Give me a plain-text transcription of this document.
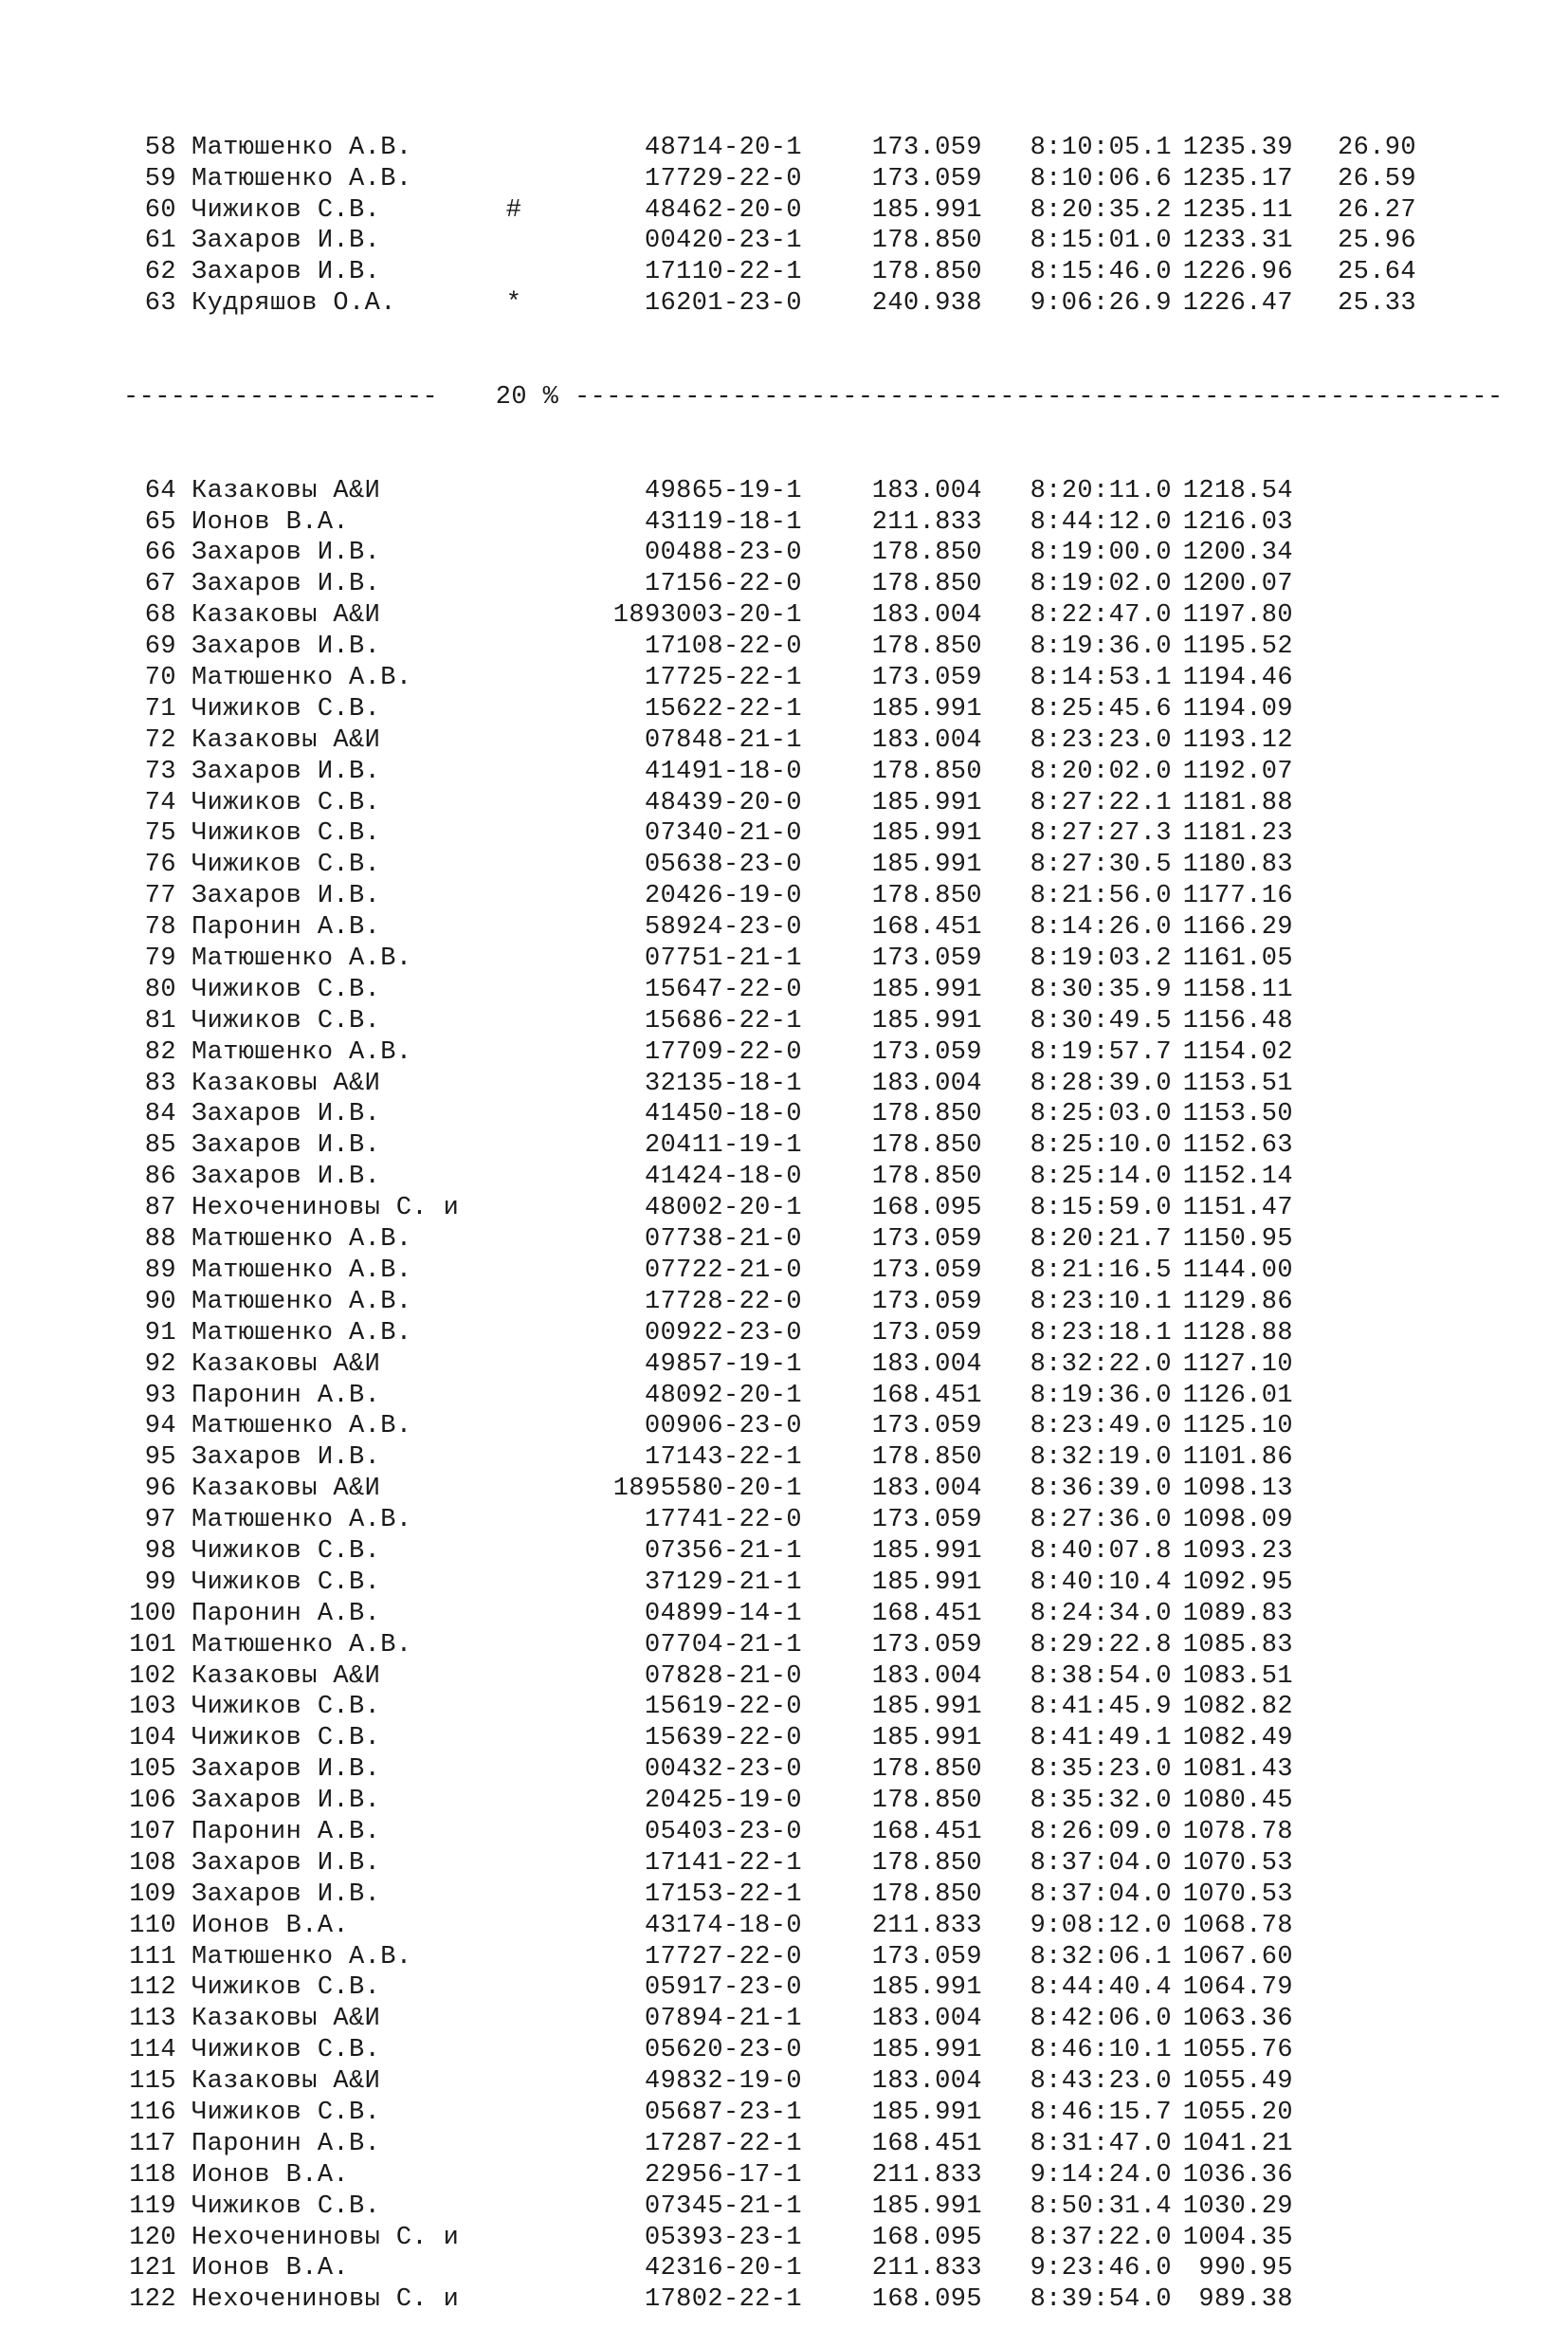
58 Матюшенко А.В.	48714-20-1	173.059 8:10:05.1 1235.39 26.90
59 Матюшенко А.В.	17729-22-0	173.059 8:10:06.6 1235.17 26.59
60 Чижиков С.В.	#	48462-20-0	185.991 8:20:35.2 1235.11 26.27
61 Захаров И.В.	00420-23-1	178.850 8:15:01.0 1233.31 25.96
62 Захаров И.В.	17110-22-1	178.850 8:15:46.0 1226.96 25.64
63 Кудряшов О.А.	*	16201-23-0	240.938 9:06:26.9 1226.47 25.33

-------------------- 20 % -----------------------------------------------------------

64 Казаковы А&И	49865-19-1	183.004 8:20:11.0 1218.54
65 Ионов В.А.	43119-18-1	211.833 8:44:12.0 1216.03
66 Захаров И.В.	00488-23-0	178.850 8:19:00.0 1200.34
67 Захаров И.В.	17156-22-0	178.850 8:19:02.0 1200.07
68 Казаковы А&И	1893003-20-1	183.004 8:22:47.0 1197.80
69 Захаров И.В.	17108-22-0	178.850 8:19:36.0 1195.52
70 Матюшенко А.В.	17725-22-1	173.059 8:14:53.1 1194.46
71 Чижиков С.В.	15622-22-1	185.991 8:25:45.6 1194.09
72 Казаковы А&И	07848-21-1	183.004 8:23:23.0 1193.12
73 Захаров И.В.	41491-18-0	178.850 8:20:02.0 1192.07
74 Чижиков С.В.	48439-20-0	185.991 8:27:22.1 1181.88
75 Чижиков С.В.	07340-21-0	185.991 8:27:27.3 1181.23
76 Чижиков С.В.	05638-23-0	185.991 8:27:30.5 1180.83
77 Захаров И.В.	20426-19-0	178.850 8:21:56.0 1177.16
78 Паронин А.В.	58924-23-0	168.451 8:14:26.0 1166.29
79 Матюшенко А.В.	07751-21-1	173.059 8:19:03.2 1161.05
80 Чижиков С.В.	15647-22-0	185.991 8:30:35.9 1158.11
81 Чижиков С.В.	15686-22-1	185.991 8:30:49.5 1156.48
82 Матюшенко А.В.	17709-22-0	173.059 8:19:57.7 1154.02
83 Казаковы А&И	32135-18-1	183.004 8:28:39.0 1153.51
84 Захаров И.В.	41450-18-0	178.850 8:25:03.0 1153.50
85 Захаров И.В.	20411-19-1	178.850 8:25:10.0 1152.63
86 Захаров И.В.	41424-18-0	178.850 8:25:14.0 1152.14
87 Нехочениновы С. и	48002-20-1	168.095 8:15:59.0 1151.47
88 Матюшенко А.В.	07738-21-0	173.059 8:20:21.7 1150.95
89 Матюшенко А.В.	07722-21-0	173.059 8:21:16.5 1144.00
90 Матюшенко А.В.	17728-22-0	173.059 8:23:10.1 1129.86
91 Матюшенко А.В.	00922-23-0	173.059 8:23:18.1 1128.88
92 Казаковы А&И	49857-19-1	183.004 8:32:22.0 1127.10
93 Паронин А.В.	48092-20-1	168.451 8:19:36.0 1126.01
94 Матюшенко А.В.	00906-23-0	173.059 8:23:49.0 1125.10
95 Захаров И.В.	17143-22-1	178.850 8:32:19.0 1101.86
96 Казаковы А&И	1895580-20-1	183.004 8:36:39.0 1098.13
97 Матюшенко А.В.	17741-22-0	173.059 8:27:36.0 1098.09
98 Чижиков С.В.	07356-21-1	185.991 8:40:07.8 1093.23
99 Чижиков С.В.	37129-21-1	185.991 8:40:10.4 1092.95
100 Паронин А.В.	04899-14-1	168.451 8:24:34.0 1089.83
101 Матюшенко А.В.	07704-21-1	173.059 8:29:22.8 1085.83
102 Казаковы А&И	07828-21-0	183.004 8:38:54.0 1083.51
103 Чижиков С.В.	15619-22-0	185.991 8:41:45.9 1082.82
104 Чижиков С.В.	15639-22-0	185.991 8:41:49.1 1082.49
105 Захаров И.В.	00432-23-0	178.850 8:35:23.0 1081.43
106 Захаров И.В.	20425-19-0	178.850 8:35:32.0 1080.45
107 Паронин А.В.	05403-23-0	168.451 8:26:09.0 1078.78
108 Захаров И.В.	17141-22-1	178.850 8:37:04.0 1070.53
109 Захаров И.В.	17153-22-1	178.850 8:37:04.0 1070.53
110 Ионов В.А.	43174-18-0	211.833 9:08:12.0 1068.78
111 Матюшенко А.В.	17727-22-0	173.059 8:32:06.1 1067.60
112 Чижиков С.В.	05917-23-0	185.991 8:44:40.4 1064.79
113 Казаковы А&И	07894-21-1	183.004 8:42:06.0 1063.36
114 Чижиков С.В.	05620-23-0	185.991 8:46:10.1 1055.76
115 Казаковы А&И	49832-19-0	183.004 8:43:23.0 1055.49
116 Чижиков С.В.	05687-23-1	185.991 8:46:15.7 1055.20
117 Паронин А.В.	17287-22-1	168.451 8:31:47.0 1041.21
118 Ионов В.А.	22956-17-1	211.833 9:14:24.0 1036.36
119 Чижиков С.В.	07345-21-1	185.991 8:50:31.4 1030.29
120 Нехочениновы С. и	05393-23-1	168.095 8:37:22.0 1004.35
121 Ионов В.А.	42316-20-1	211.833 9:23:46.0 990.95
122 Нехочениновы С. и	17802-22-1	168.095 8:39:54.0 989.38
